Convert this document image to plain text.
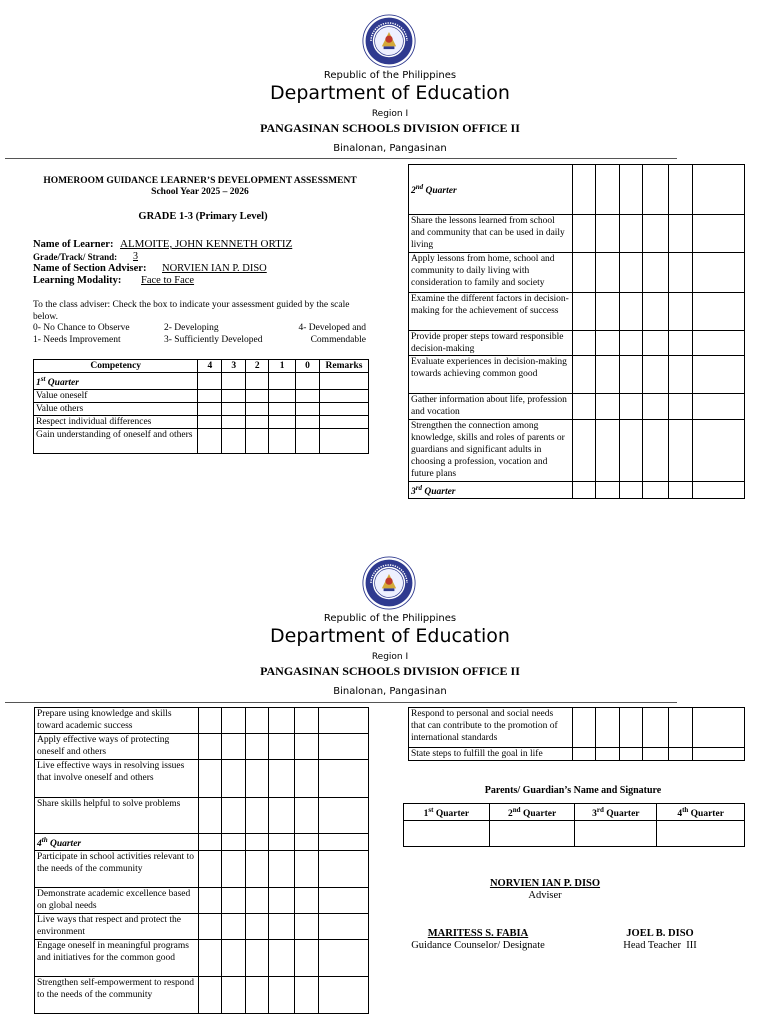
Republic of the Philippines
Department of Education
Region I
PANGASINAN SCHOOLS DIVISION OFFICE II
Binalonan, Pangasinan
HOMEROOM GUIDANCE LEARNER’S DEVELOPMENT ASSESSMENT
School Year 2025 – 2026
GRADE 1-3 (Primary Level)
Name of Learner: ALMOITE, JOHN KENNETH ORTIZ
Grade/Track/ Strand:	3
Name of Section Adviser:	NORVIEN IAN P. DISO
Learning Modality: Face to Face
To the class adviser: Check the box to indicate your assessment guided by the scale below.
0- No Chance to Observe
1- Needs Improvement
2- Developing
3- Sufficiently Developed
4- Developed and
Commendable
Competency	4	3	2	1	0	Remarks
1st Quarter						
Value oneself						
Value others						
Respect individual differences						
Gain understanding of oneself and others						
2nd Quarter						
Share the lessons learned from school and community that can be used in daily living						
Apply lessons from home, school and community to daily living with consideration to family and society						
Examine the different factors in decision-making for the achievement of success						
Provide proper steps toward responsible decision-making						
Evaluate experiences in decision-making towards achieving common good						
Gather information about life, profession and vocation						
Strengthen the connection among knowledge, skills and roles of parents or guardians and significant adults in choosing a profession, vocation and future plans						
3rd Quarter						
Republic of the Philippines
Department of Education
Region I
PANGASINAN SCHOOLS DIVISION OFFICE II
Binalonan, Pangasinan
Prepare using knowledge and skills toward academic success						
Apply effective ways of protecting oneself and others						
Live effective ways in resolving issues that involve oneself and others						
Share skills helpful to solve problems						
4th Quarter						
Participate in school activities relevant to the needs of the community						
Demonstrate academic excellence based on global needs						
Live ways that respect and protect the environment						
Engage oneself in meaningful programs and initiatives for the common good						
Strengthen self-empowerment to respond to the needs of the community						
Respond to personal and social needs that can contribute to the promotion of international standards						
State steps to fulfill the goal in life						
Parents/ Guardian’s Name and Signature
1st Quarter	2nd Quarter	3rd Quarter	4th Quarter

NORVIEN IAN P. DISO
Adviser
MARITESS S. FABIA
Guidance Counselor/ Designate
JOEL B. DISO
Head Teacher  III
